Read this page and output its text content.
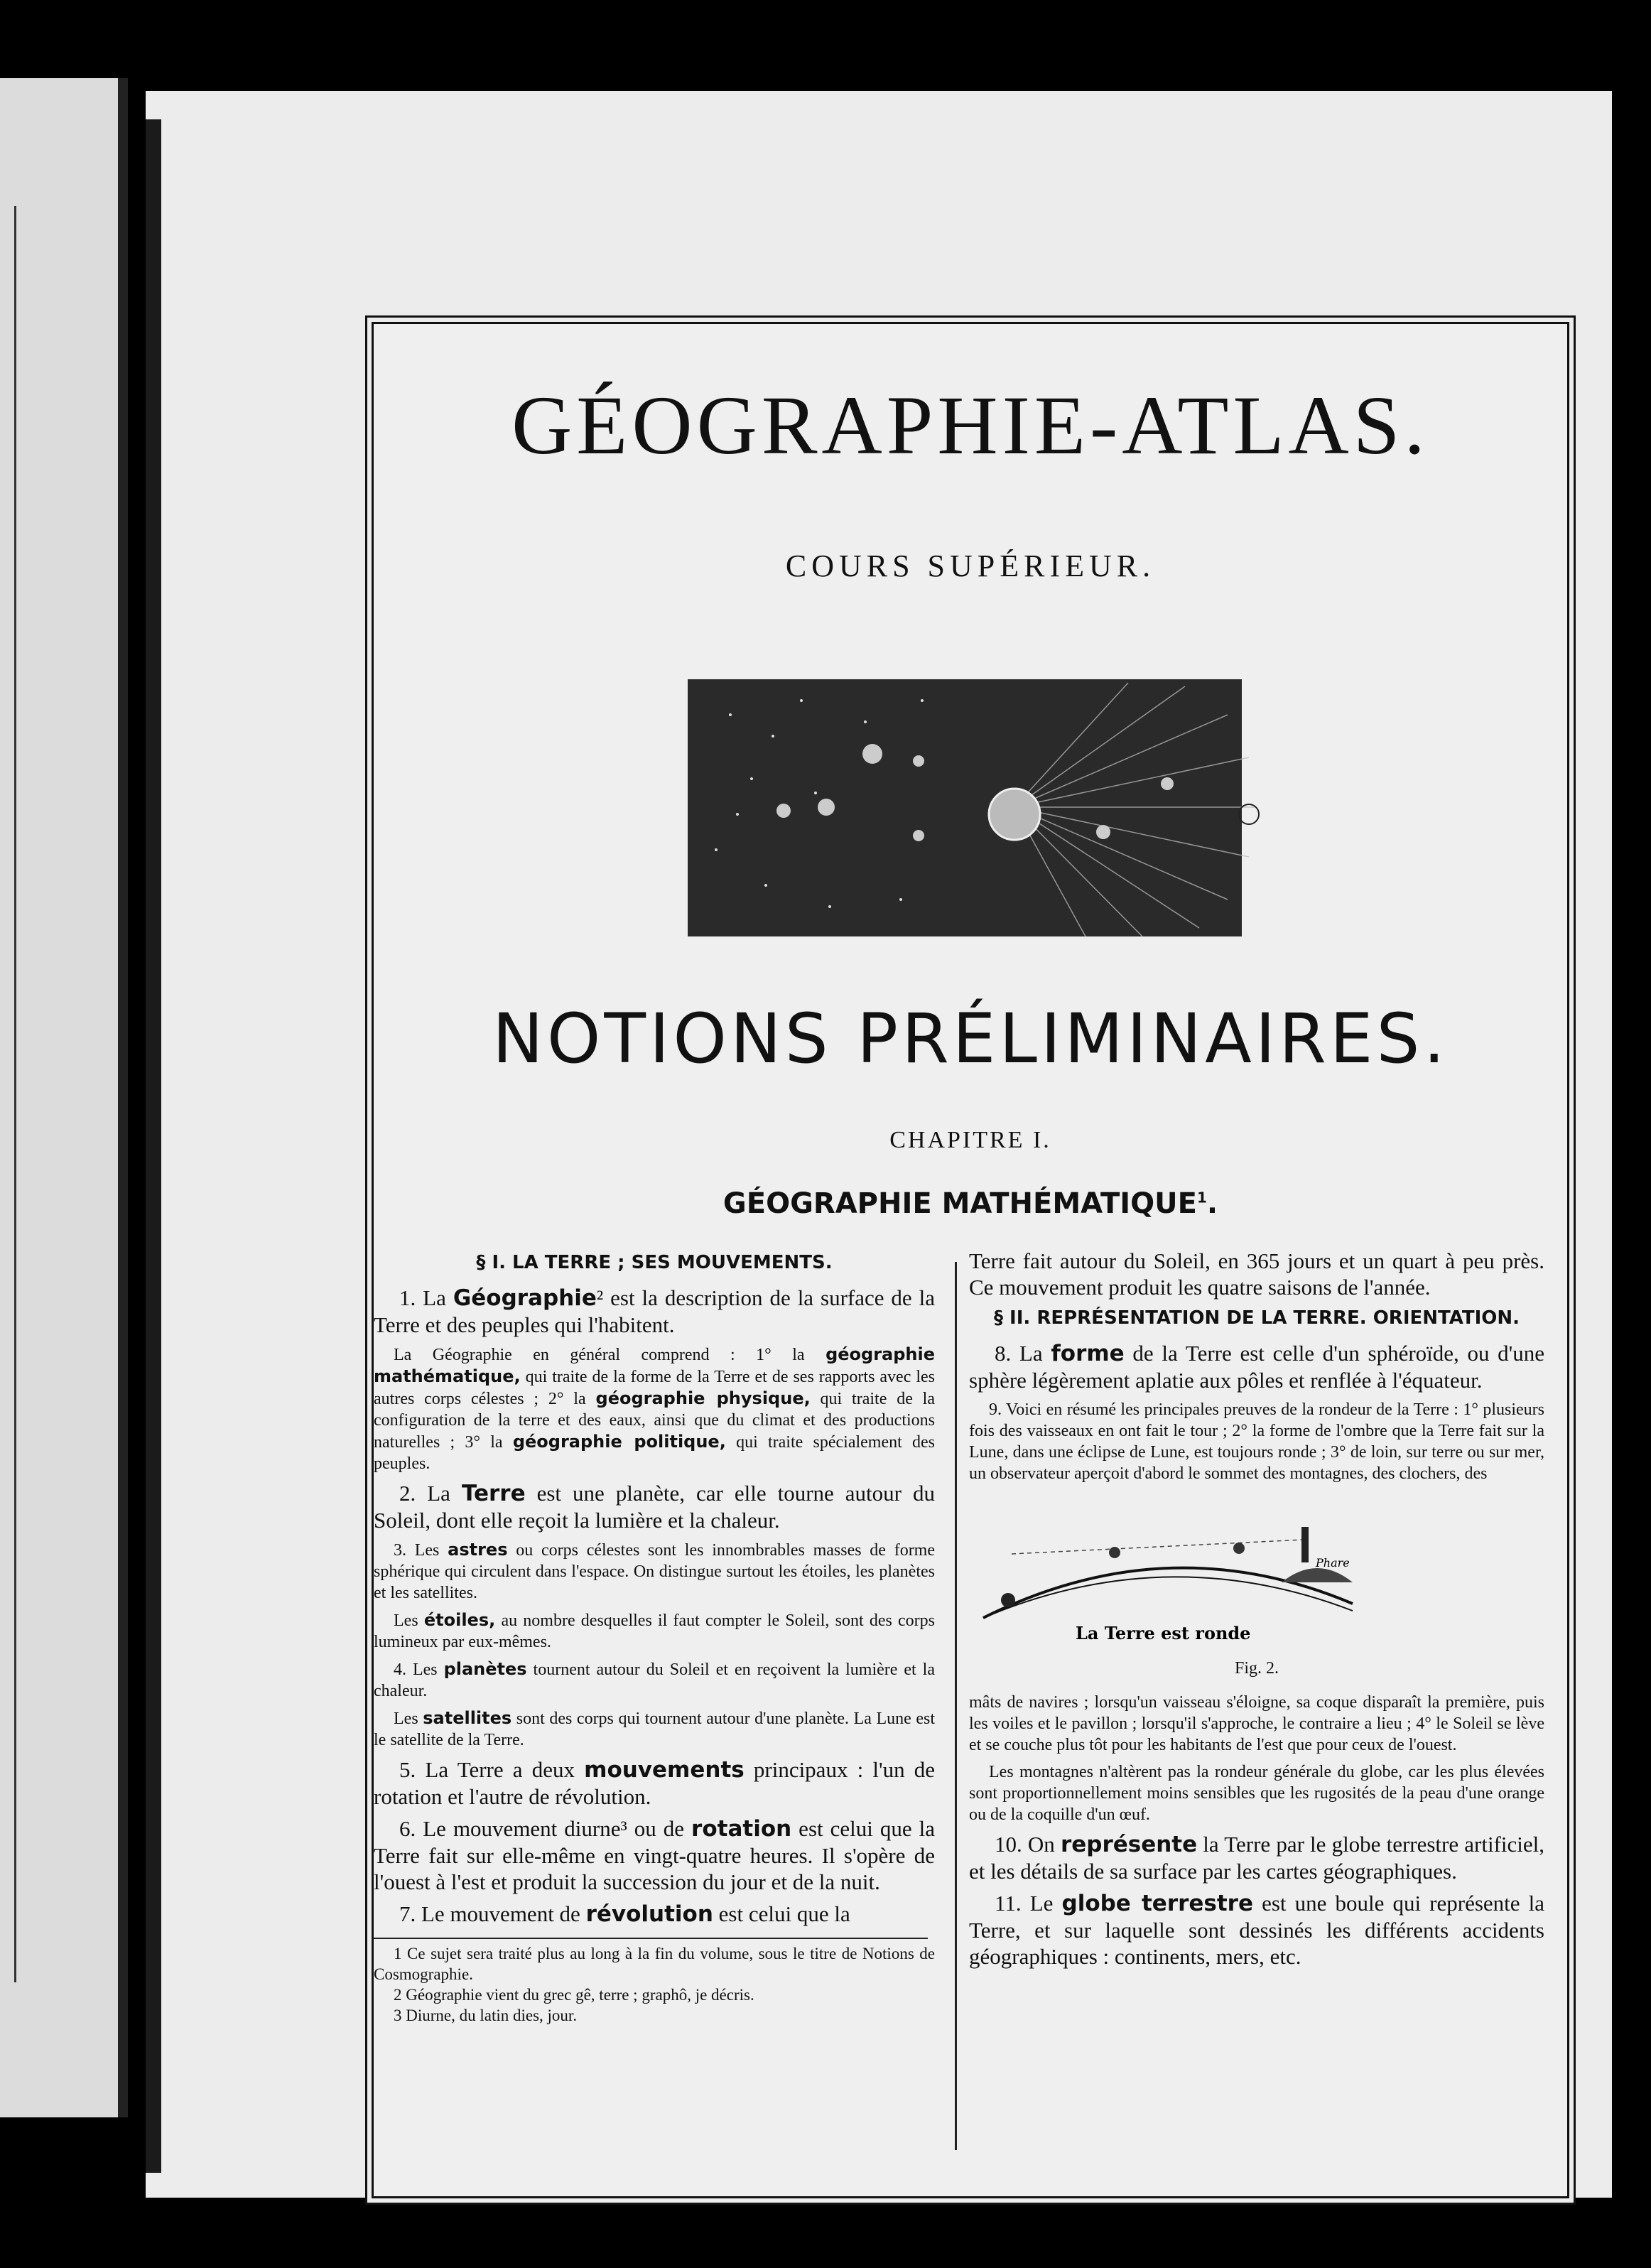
GÉOGRAPHIE-ATLAS.
COURS SUPÉRIEUR.
NOTIONS PRÉLIMINAIRES.
CHAPITRE I.
GÉOGRAPHIE MATHÉMATIQUE$^1$.
§ I. LA TERRE ; SES MOUVEMENTS.

1. La Géographie² est la description de la surface de la Terre et des peuples qui l'habitent.

La Géographie en général comprend : 1° la géographie mathématique, qui traite de la forme de la Terre et de ses rapports avec les autres corps célestes ; 2° la géographie physique, qui traite de la configuration de la terre et des eaux, ainsi que du climat et des productions naturelles ; 3° la géographie politique, qui traite spécialement des peuples.

2. La Terre est une planète, car elle tourne autour du Soleil, dont elle reçoit la lumière et la chaleur.

3. Les astres ou corps célestes sont les innombrables masses de forme sphérique qui circulent dans l'espace. On distingue surtout les étoiles, les planètes et les satellites.

Les étoiles, au nombre desquelles il faut compter le Soleil, sont des corps lumineux par eux-mêmes.

4. Les planètes tournent autour du Soleil et en reçoivent la lumière et la chaleur.

Les satellites sont des corps qui tournent autour d'une planète. La Lune est le satellite de la Terre.

5. La Terre a deux mouvements principaux : l'un de rotation et l'autre de révolution.

6. Le mouvement diurne³ ou de rotation est celui que la Terre fait sur elle-même en vingt-quatre heures. Il s'opère de l'ouest à l'est et produit la succession du jour et de la nuit.

7. Le mouvement de révolution est celui que la

1 Ce sujet sera traité plus au long à la fin du volume, sous le titre de Notions de Cosmographie.

2 Géographie vient du grec gê, terre ; graphô, je décris.

3 Diurne, du latin dies, jour.

Terre fait autour du Soleil, en 365 jours et un quart à peu près. Ce mouvement produit les quatre saisons de l'année.

§ II. REPRÉSENTATION DE LA TERRE. ORIENTATION.

8. La forme de la Terre est celle d'un sphéroïde, ou d'une sphère légèrement aplatie aux pôles et renflée à l'équateur.

9. Voici en résumé les principales preuves de la rondeur de la Terre : 1° plusieurs fois des vaisseaux en ont fait le tour ; 2° la forme de l'ombre que la Terre fait sur la Lune, dans une éclipse de Lune, est toujours ronde ; 3° de loin, sur terre ou sur mer, un observateur aperçoit d'abord le sommet des montagnes, des clochers, des

Phare
La Terre est ronde
Fig. 2.

mâts de navires ; lorsqu'un vaisseau s'éloigne, sa coque disparaît la première, puis les voiles et le pavillon ; lorsqu'il s'approche, le contraire a lieu ; 4° le Soleil se lève et se couche plus tôt pour les habitants de l'est que pour ceux de l'ouest.

Les montagnes n'altèrent pas la rondeur générale du globe, car les plus élevées sont proportionnellement moins sensibles que les rugosités de la peau d'une orange ou de la coquille d'un œuf.

10. On représente la Terre par le globe terrestre artificiel, et les détails de sa surface par les cartes géographiques.

11. Le globe terrestre est une boule qui représente la Terre, et sur laquelle sont dessinés les différents accidents géographiques : continents, mers, etc.
